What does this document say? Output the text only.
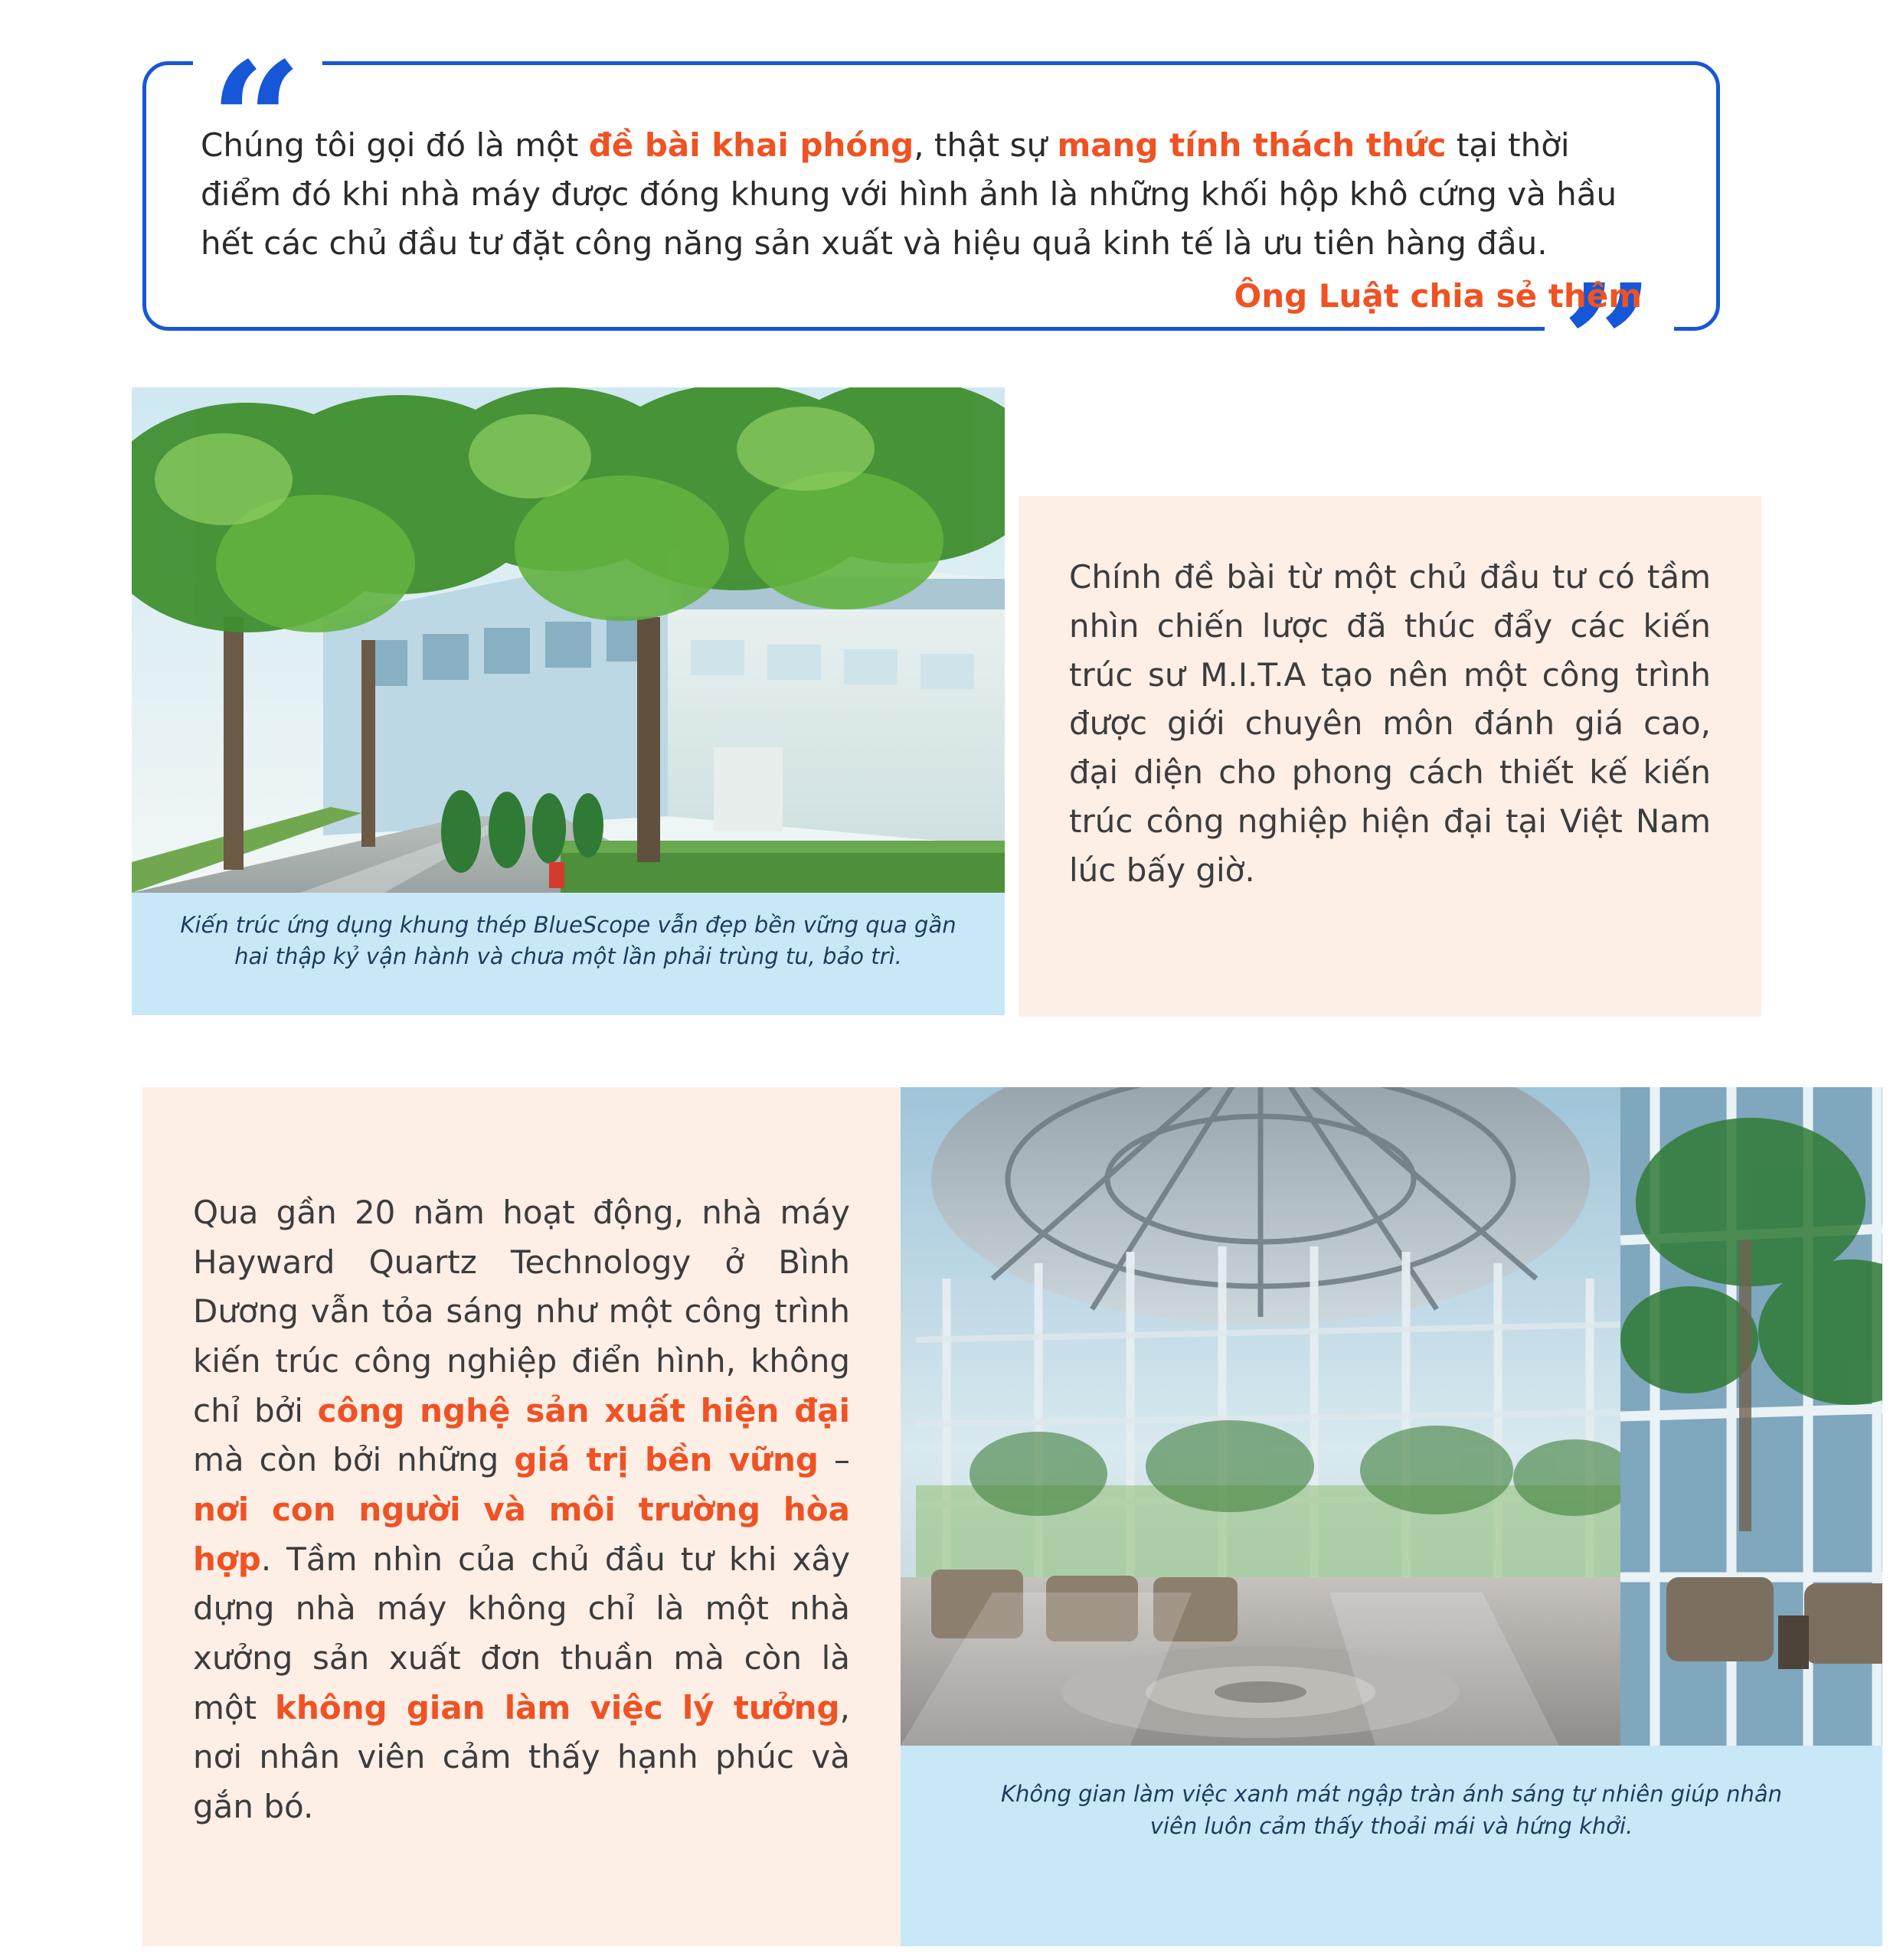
“
”
Chúng tôi gọi đó là một đề bài khai phóng, thật sự mang tính thách thức tại thời điểm đó khi nhà máy được đóng khung với hình ảnh là những khối hộp khô cứng và hầu hết các chủ đầu tư đặt công năng sản xuất và hiệu quả kinh tế là ưu tiên hàng đầu.
Ông Luật chia sẻ thêm
Kiến trúc ứng dụng khung thép BlueScope vẫn đẹp bền vững qua gần hai thập kỷ vận hành và chưa một lần phải trùng tu, bảo trì.

Chính đề bài từ một chủ đầu tư có tầm nhìn chiến lược đã thúc đẩy các kiến trúc sư M.I.T.A tạo nên một công trình được giới chuyên môn đánh giá cao, đại diện cho phong cách thiết kế kiến trúc công nghiệp hiện đại tại Việt Nam lúc bấy giờ.

Qua gần 20 năm hoạt động, nhà máy Hayward Quartz Technology ở Bình Dương vẫn tỏa sáng như một công trình kiến trúc công nghiệp điển hình, không chỉ bởi công nghệ sản xuất hiện đại mà còn bởi những giá trị bền vững – nơi con người và môi trường hòa hợp. Tầm nhìn của chủ đầu tư khi xây dựng nhà máy không chỉ là một nhà xưởng sản xuất đơn thuần mà còn là một không gian làm việc lý tưởng, nơi nhân viên cảm thấy hạnh phúc và gắn bó.	Không gian làm việc xanh mát ngập tràn ánh sáng tự nhiên giúp nhân viên luôn cảm thấy thoải mái và hứng khởi.
